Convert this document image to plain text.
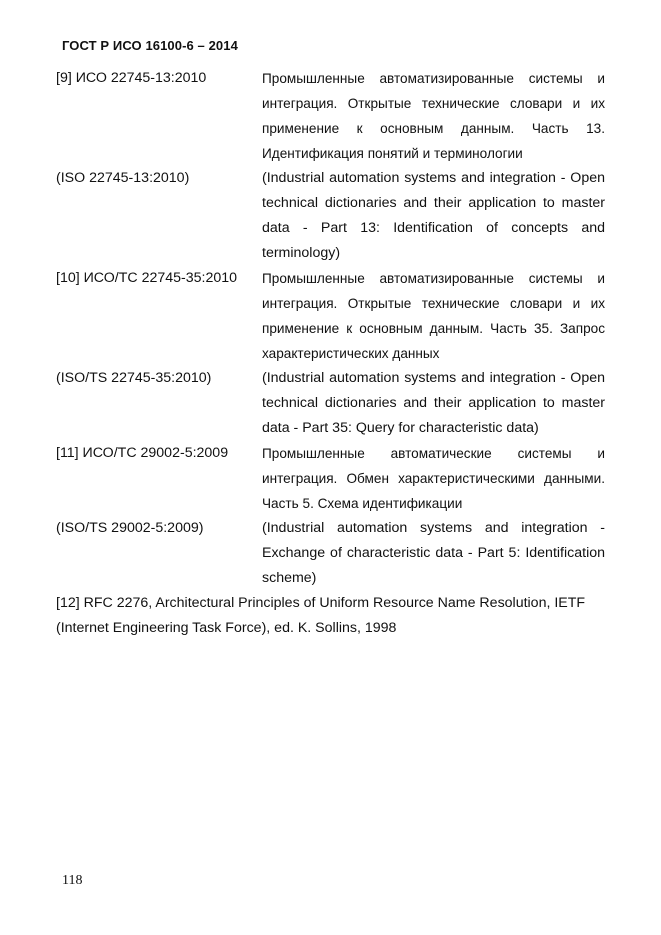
ГОСТ Р ИСО 16100-6 – 2014
[9] ИСО 22745-13:2010	Промышленные автоматизированные системы и интеграция. Открытые технические словари и их применение к основным данным. Часть 13. Идентификация понятий и терминологии
(ISO 22745-13:2010)	(Industrial automation systems and integration - Open technical dictionaries and their application to master data - Part 13: Identification of concepts and terminology)
[10] ИСО/ТС 22745-35:2010	Промышленные автоматизированные системы и интеграция. Открытые технические словари и их применение к основным данным. Часть 35. Запрос характеристических данных
(ISO/TS 22745-35:2010)	(Industrial automation systems and integration - Open technical dictionaries and their application to master data - Part 35: Query for characteristic data)
[11] ИСО/ТС 29002-5:2009	Промышленные автоматические системы и интеграция. Обмен характеристическими данными. Часть 5. Схема идентификации
(ISO/TS 29002-5:2009)	(Industrial automation systems and integration - Exchange of characteristic data - Part 5: Identification scheme)
[12] RFC 2276, Architectural Principles of Uniform Resource Name Resolution, IETF (Internet Engineering Task Force), ed. K. Sollins, 1998
118
